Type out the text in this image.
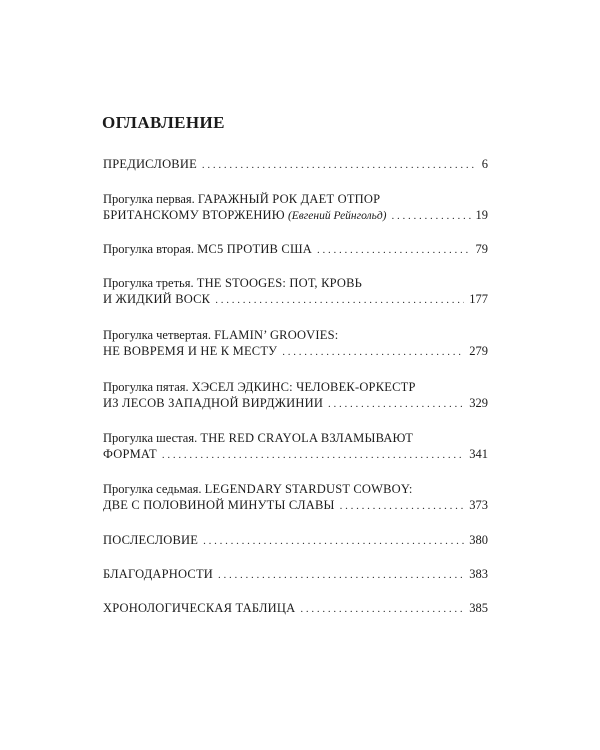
ОГЛАВЛЕНИЕ
ПРЕДИСЛОВИЕ . . .	6
Прогулка первая.
ГАРАЖНЫЙ РОК ДАЕТ ОТПОР
БРИТАНСКОМУ ВТОРЖЕНИЮ
(Евгений Рейнгольд) . . .	19
Прогулка вторая.
MC5 ПРОТИВ США . . .	79
Прогулка третья.
THE STOOGES: ПОТ, КРОВЬ
И ЖИДКИЙ ВОСК . . .	177
Прогулка четвертая.
FLAMIN’ GROOVIES:
НЕ ВОВРЕМЯ И НЕ К МЕСТУ . . .	279
Прогулка пятая.
ХЭСЕЛ ЭДКИНС: ЧЕЛОВЕК-ОРКЕСТР
ИЗ ЛЕСОВ ЗАПАДНОЙ ВИРДЖИНИИ . . .	329
Прогулка шестая.
THE RED CRAYOLA ВЗЛАМЫВАЮТ
ФОРМАТ . . .	341
Прогулка седьмая.
LEGENDARY STARDUST COWBOY:
ДВЕ С ПОЛОВИНОЙ МИНУТЫ СЛАВЫ . . .	373
ПОСЛЕСЛОВИЕ . . .	380
БЛАГОДАРНОСТИ . . .	383
ХРОНОЛОГИЧЕСКАЯ ТАБЛИЦА . . .	385
